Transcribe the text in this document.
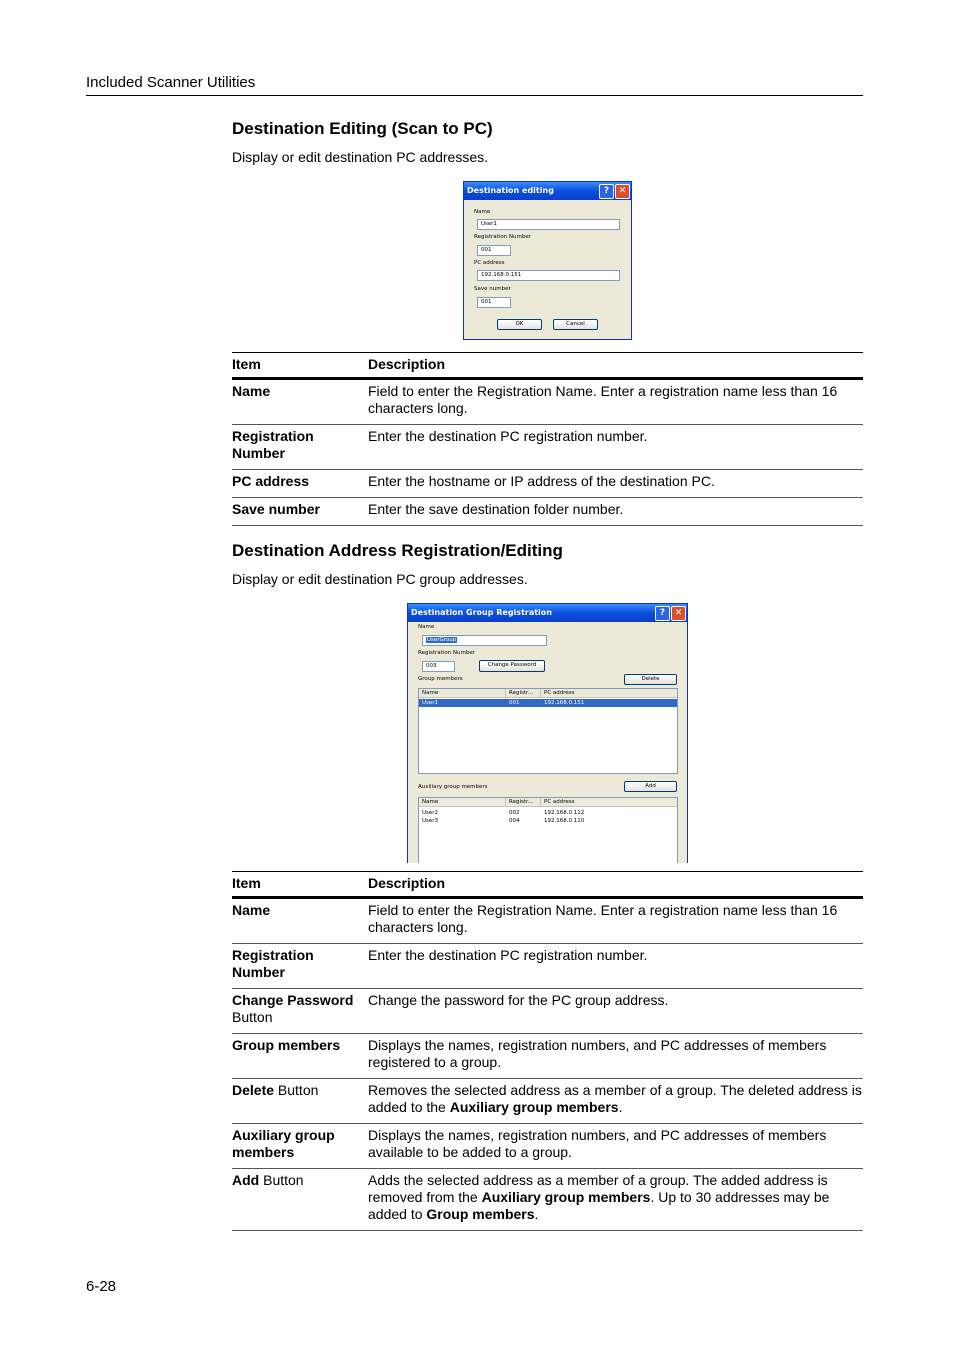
Included Scanner Utilities
Destination Editing (Scan to PC)
Display or edit destination PC addresses.
Destination editing	?	✕
Name
User1
Registration Number
001
PC address
192.168.0.151
Save number
001
OK	Cancel
Item	Description
Name	Field to enter the Registration Name. Enter a registration name less than 16 characters long.
Registration Number	Enter the destination PC registration number.
PC address	Enter the hostname or IP address of the destination PC.
Save number	Enter the save destination folder number.
Destination Address Registration/Editing
Display or edit destination PC group addresses.
Destination Group Registration	?	✕
Name
UserGroup
Registration Number
003	Change Password
Group members	Delete
Name	Registr...	PC address
User1	001	192.168.0.151
Auxiliary group members	Add
Name	Registr...	PC address
User2	002	192.168.0.112
User3	004	192.168.0.110
Item	Description
Name	Field to enter the Registration Name. Enter a registration name less than 16 characters long.
Registration Number	Enter the destination PC registration number.
Change Password Button	Change the password for the PC group address.
Group members	Displays the names, registration numbers, and PC addresses of members registered to a group.
Delete Button	Removes the selected address as a member of a group. The deleted address is added to the Auxiliary group members.
Auxiliary group members	Displays the names, registration numbers, and PC addresses of members available to be added to a group.
Add Button	Adds the selected address as a member of a group. The added address is removed from the Auxiliary group members. Up to 30 addresses may be added to Group members.
6-28
